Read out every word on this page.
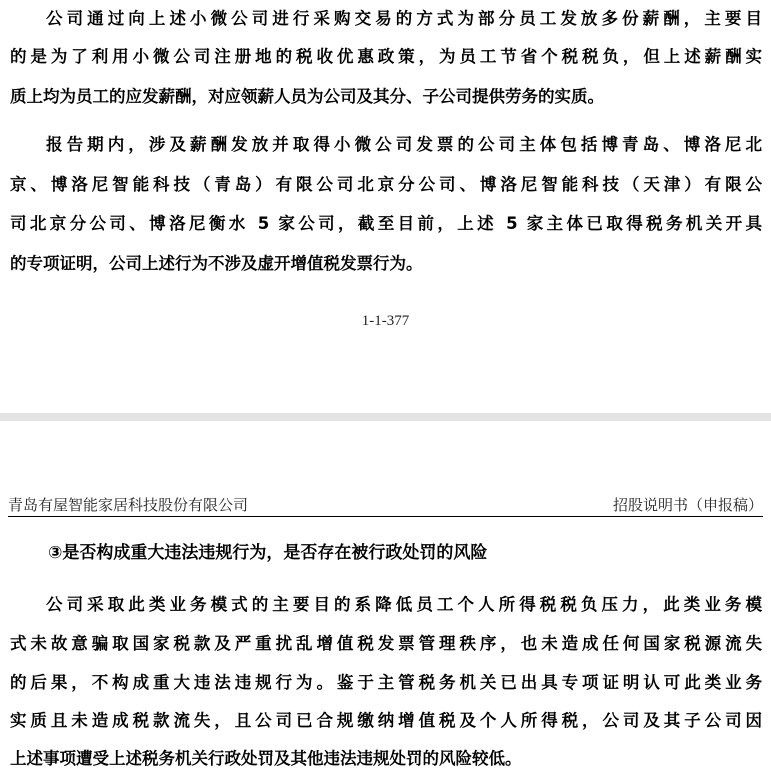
公司通过向上述小微公司进行采购交易的方式为部分员工发放多份薪酬，主要目

的是为了利用小微公司注册地的税收优惠政策，为员工节省个税税负，但上述薪酬实

质上均为员工的应发薪酬，对应领薪人员为公司及其分、子公司提供劳务的实质。

报告期内，涉及薪酬发放并取得小微公司发票的公司主体包括博青岛、博洛尼北

京、博洛尼智能科技（青岛）有限公司北京分公司、博洛尼智能科技（天津）有限公

司北京分公司、博洛尼衡水 5 家公司，截至目前，上述 5 家主体已取得税务机关开具

的专项证明，公司上述行为不涉及虚开增值税发票行为。

1-1-377
青岛有屋智能家居科技股份有限公司	招股说明书（申报稿）

③是否构成重大违法违规行为，是否存在被行政处罚的风险

公司采取此类业务模式的主要目的系降低员工个人所得税税负压力，此类业务模

式未故意骗取国家税款及严重扰乱增值税发票管理秩序，也未造成任何国家税源流失

的后果，不构成重大违法违规行为。鉴于主管税务机关已出具专项证明认可此类业务

实质且未造成税款流失，且公司已合规缴纳增值税及个人所得税，公司及其子公司因

上述事项遭受上述税务机关行政处罚及其他违法违规处罚的风险较低。
